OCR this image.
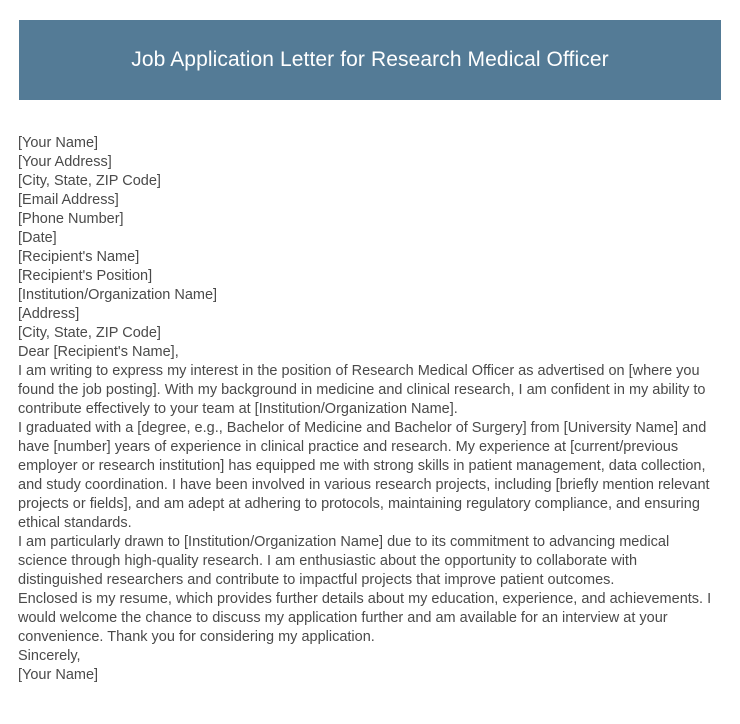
Job Application Letter for Research Medical Officer
[Your Name]
[Your Address]
[City, State, ZIP Code]
[Email Address]
[Phone Number]
[Date]
[Recipient's Name]
[Recipient's Position]
[Institution/Organization Name]
[Address]
[City, State, ZIP Code]
Dear [Recipient's Name],

I am writing to express my interest in the position of Research Medical Officer as advertised on [where you found the job posting]. With my background in medicine and clinical research, I am confident in my ability to contribute effectively to your team at [Institution/Organization Name].

I graduated with a [degree, e.g., Bachelor of Medicine and Bachelor of Surgery] from [University Name] and have [number] years of experience in clinical practice and research. My experience at [current/previous employer or research institution] has equipped me with strong skills in patient management, data collection, and study coordination. I have been involved in various research projects, including [briefly mention relevant projects or fields], and am adept at adhering to protocols, maintaining regulatory compliance, and ensuring ethical standards.

I am particularly drawn to [Institution/Organization Name] due to its commitment to advancing medical science through high-quality research. I am enthusiastic about the opportunity to collaborate with distinguished researchers and contribute to impactful projects that improve patient outcomes.

Enclosed is my resume, which provides further details about my education, experience, and achievements. I would welcome the chance to discuss my application further and am available for an interview at your convenience. Thank you for considering my application.

Sincerely,
[Your Name]
